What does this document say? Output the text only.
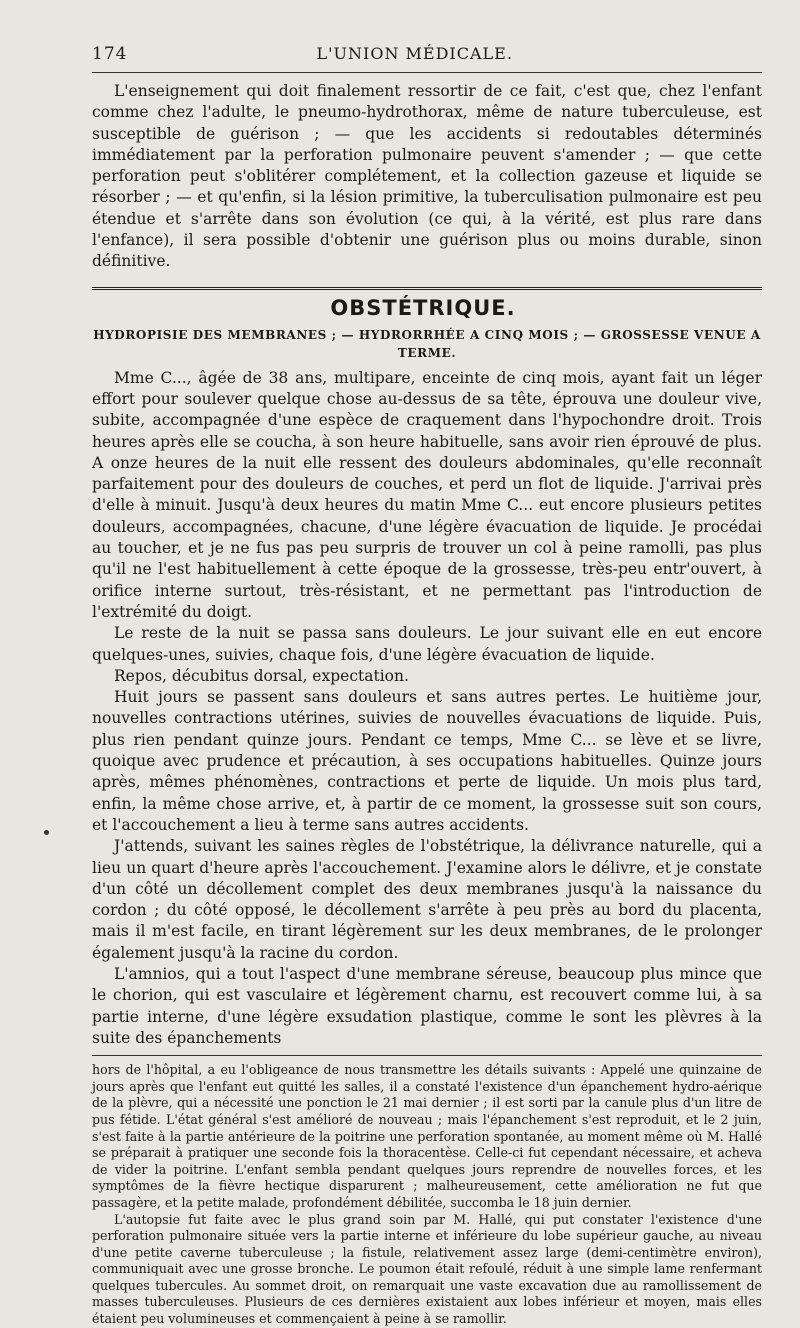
174	L'UNION MÉDICALE.

L'enseignement qui doit finalement ressortir de ce fait, c'est que, chez l'enfant comme chez l'adulte, le pneumo-hydrothorax, même de nature tuberculeuse, est susceptible de guérison ; — que les accidents si redoutables déterminés immédiatement par la perforation pulmonaire peuvent s'amender ; — que cette perforation peut s'oblitérer complétement, et la collection gazeuse et liquide se résorber ; — et qu'enfin, si la lésion primitive, la tuberculisation pulmonaire est peu étendue et s'arrête dans son évolution (ce qui, à la vérité, est plus rare dans l'enfance), il sera possible d'obtenir une guérison plus ou moins durable, sinon définitive.

OBSTÉTRIQUE.
HYDROPISIE DES MEMBRANES ; — HYDRORRHÉE A CINQ MOIS ; — GROSSESSE VENUE A TERME.

Mme C..., âgée de 38 ans, multipare, enceinte de cinq mois, ayant fait un léger effort pour soulever quelque chose au-dessus de sa tête, éprouva une douleur vive, subite, accompagnée d'une espèce de craquement dans l'hypochondre droit. Trois heures après elle se coucha, à son heure habituelle, sans avoir rien éprouvé de plus. A onze heures de la nuit elle ressent des douleurs abdominales, qu'elle reconnaît parfaitement pour des douleurs de couches, et perd un flot de liquide. J'arrivai près d'elle à minuit. Jusqu'à deux heures du matin Mme C... eut encore plusieurs petites douleurs, accompagnées, chacune, d'une légère évacuation de liquide. Je procédai au toucher, et je ne fus pas peu surpris de trouver un col à peine ramolli, pas plus qu'il ne l'est habituellement à cette époque de la grossesse, très-peu entr'ouvert, à orifice interne surtout, très-résistant, et ne permettant pas l'introduction de l'extrémité du doigt.

Le reste de la nuit se passa sans douleurs. Le jour suivant elle en eut encore quelques-unes, suivies, chaque fois, d'une légère évacuation de liquide.

Repos, décubitus dorsal, expectation.

Huit jours se passent sans douleurs et sans autres pertes. Le huitième jour, nouvelles contractions utérines, suivies de nouvelles évacuations de liquide. Puis, plus rien pendant quinze jours. Pendant ce temps, Mme C... se lève et se livre, quoique avec prudence et précaution, à ses occupations habituelles. Quinze jours après, mêmes phénomènes, contractions et perte de liquide. Un mois plus tard, enfin, la même chose arrive, et, à partir de ce moment, la grossesse suit son cours, et l'accouchement a lieu à terme sans autres accidents.

J'attends, suivant les saines règles de l'obstétrique, la délivrance naturelle, qui a lieu un quart d'heure après l'accouchement. J'examine alors le délivre, et je constate d'un côté un décollement complet des deux membranes jusqu'à la naissance du cordon ; du côté opposé, le décollement s'arrête à peu près au bord du placenta, mais il m'est facile, en tirant légèrement sur les deux membranes, de le prolonger également jusqu'à la racine du cordon.

L'amnios, qui a tout l'aspect d'une membrane séreuse, beaucoup plus mince que le chorion, qui est vasculaire et légèrement charnu, est recouvert comme lui, à sa partie interne, d'une légère exsudation plastique, comme le sont les plèvres à la suite des épanchements

hors de l'hôpital, a eu l'obligeance de nous transmettre les détails suivants : Appelé une quinzaine de jours après que l'enfant eut quitté les salles, il a constaté l'existence d'un épanchement hydro-aérique de la plèvre, qui a nécessité une ponction le 21 mai dernier ; il est sorti par la canule plus d'un litre de pus fétide. L'état général s'est amélioré de nouveau ; mais l'épanchement s'est reproduit, et le 2 juin, s'est faite à la partie antérieure de la poitrine une perforation spontanée, au moment même où M. Hallé se préparait à pratiquer une seconde fois la thoracentèse. Celle-ci fut cependant nécessaire, et acheva de vider la poitrine. L'enfant sembla pendant quelques jours reprendre de nouvelles forces, et les symptômes de la fièvre hectique disparurent ; malheureusement, cette amélioration ne fut que passagère, et la petite malade, profondément débilitée, succomba le 18 juin dernier.

L'autopsie fut faite avec le plus grand soin par M. Hallé, qui put constater l'existence d'une perforation pulmonaire située vers la partie interne et inférieure du lobe supérieur gauche, au niveau d'une petite caverne tuberculeuse ; la fistule, relativement assez large (demi-centimètre environ), communiquait avec une grosse bronche. Le poumon était refoulé, réduit à une simple lame renfermant quelques tubercules. Au sommet droit, on remarquait une vaste excavation due au ramollissement de masses tuberculeuses. Plusieurs de ces dernières existaient aux lobes inférieur et moyen, mais elles étaient peu volumineuses et commençaient à peine à se ramollir.
